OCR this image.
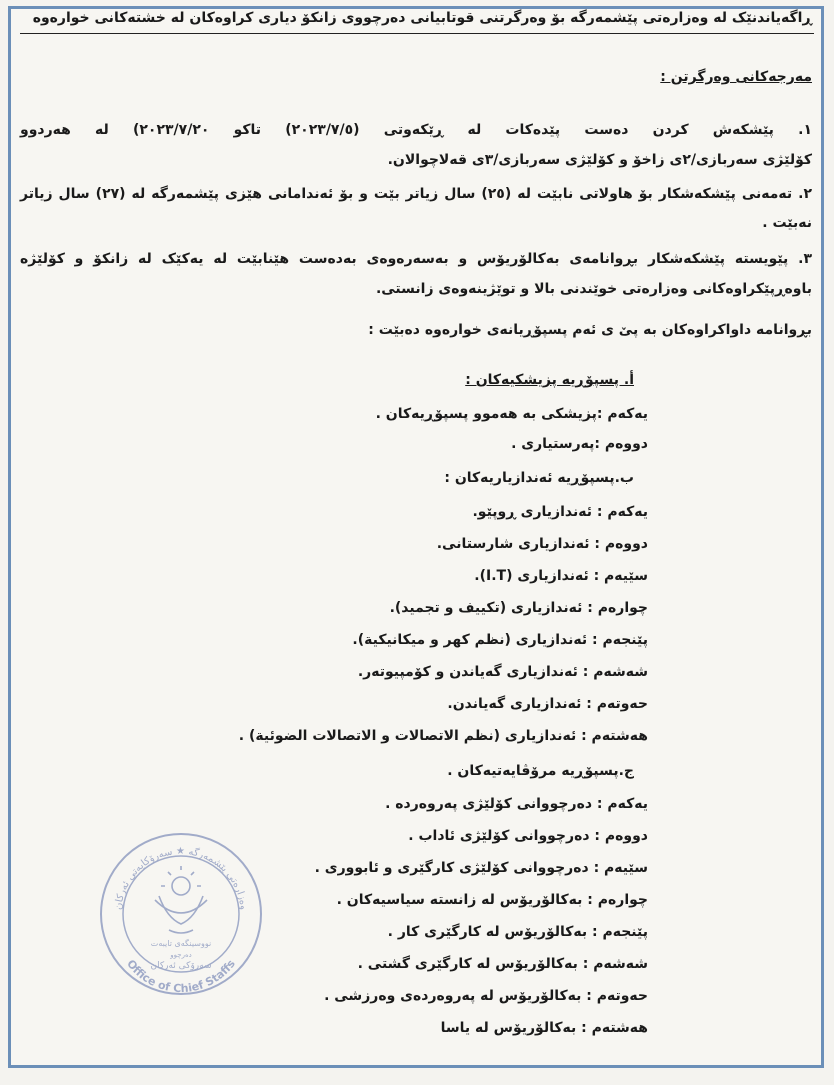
ڕاگەیاندنێک لە وەزارەتی پێشمەرگە بۆ وەرگرتنی قوتابیانی دەرچووی زانکۆ دیاری کراوەکان لە خشتەکانی خوارەوە
مەرجەکانی وەرگرتن :
١. پێشکەش کردن دەست پێدەکات لە ڕێکەوتی (٢٠٢٣/٧/٥) تاکو ٢٠٢٣/٧/٢٠) لە هەردوو
کۆلێژی سەربازی/٢ی زاخۆ و کۆلێژی سەربازی/٣ی قەلاچوالان.
٢. تەمەنی پێشکەشکار بۆ هاولاتی نابێت لە (٢٥) سال زیاتر بێت و بۆ ئەندامانی هێزی پێشمەرگە لە (٢٧) سال زیاتر
نەبێت .
٣. پێویستە پێشکەشکار بڕوانامەی بەکالۆریۆس و بەسەرەوەی بەدەست هێنابێت لە یەکێک لە زانکۆ و کۆلێژە
باوەڕپێکراوەکانی وەزارەتی خوێندنی بالا و توێژینەوەی زانستی.
بڕوانامە داواکراوەکان بە پێ ی ئەم پسپۆڕیانەی خوارەوە دەبێت :
أ. پسپۆڕیە پزیشکیەکان :
یەکەم :پزیشکی بە هەموو پسپۆڕیەکان .
دووەم :پەرستیاری .
ب.پسپۆڕیە ئەندازیاریەکان :
یەکەم : ئەندازیاری ڕوپێو.
دووەم : ئەندازیاری شارستانی.
سێیەم : ئەندازیاری (I.T).
چوارەم : ئەندازیاری (تكییف و تجمید).
پێنجەم : ئەندازیاری (نظم كهر و میكانیكیة).
شەشەم : ئەندازیاری گەیاندن و کۆمپیوتەر.
حەوتەم : ئەندازیاری گەیاندن.
هەشتەم : ئەندازیاری (نظم الاتصالات و الاتصالات الضوئية) .
ج.پسپۆڕیە مرۆڤایەتیەکان .
یەکەم : دەرچووانی کۆلێژی پەروەردە .
دووەم : دەرچووانی کۆلێژی ئاداب .
سێیەم : دەرچووانی کۆلێژی کارگێری و ئابووری .
چوارەم : بەکالۆریۆس لە زانستە سیاسیەکان .
پێنجەم : بەکالۆریۆس لە کارگێری کار .
شەشەم : بەکالۆریۆس لە کارگێری گشتی .
حەوتەم : بەکالۆریۆس لە پەروەردەی وەرزشی .
هەشتەم : بەکالۆریۆس لە یاسا
وەزارەتی پێشمەرگە ★ سەرۆکایەتی ئەرکان
Office of Chief Staffs
نووسینگەی تایبەت
دەرچوو
سەرۆکی ئەرکان
